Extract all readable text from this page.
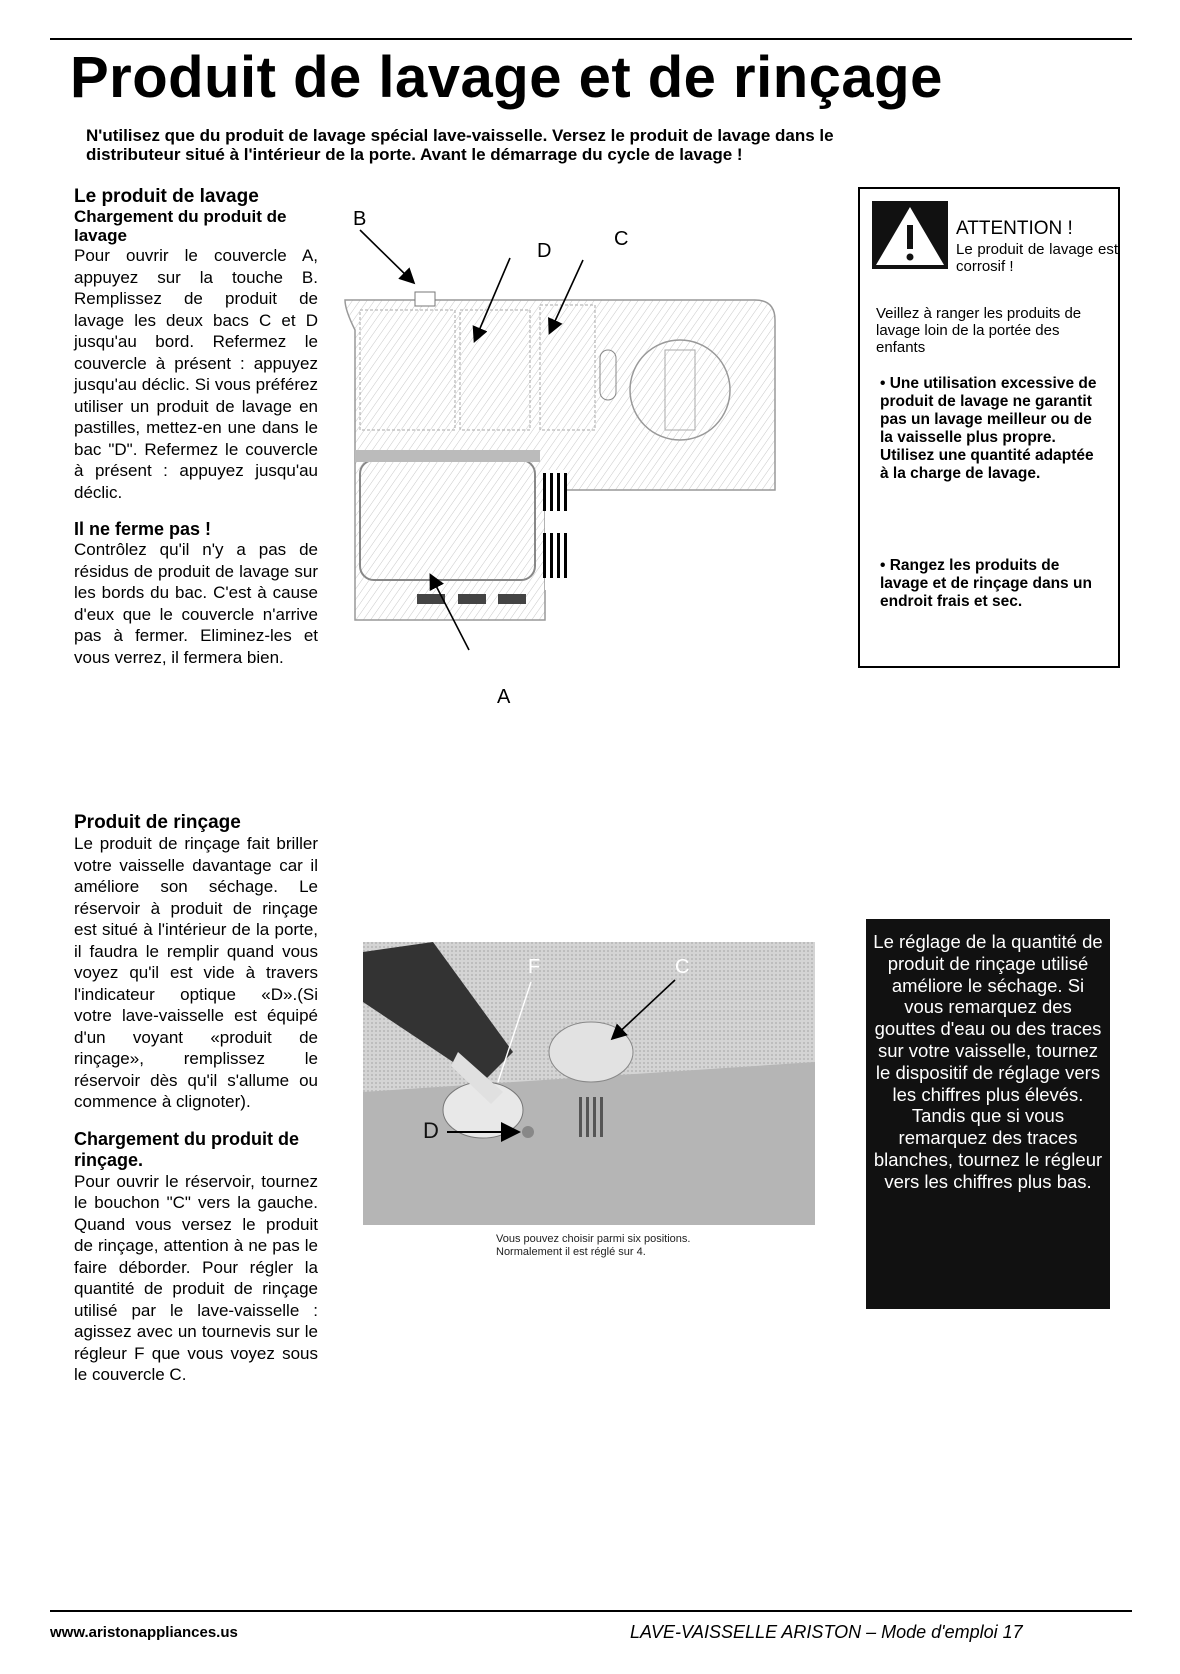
Produit de lavage et de rinçage
N'utilisez que du produit de lavage spécial lave-vaisselle. Versez le produit de lavage dans le distributeur situé à l'intérieur de la porte. Avant le démarrage du cycle de lavage !
Le produit de lavage
Chargement du produit de lavage

Pour ouvrir le couvercle A, appuyez sur la touche B. Remplissez de produit de lavage les deux bacs C et D jusqu'au bord. Refermez le couvercle à présent : appuyez jusqu'au déclic. Si vous préférez utiliser un produit de lavage en pastilles, mettez-en une dans le bac "D". Refermez le couvercle à présent : appuyez jusqu'au déclic.

Il ne ferme pas !

Contrôlez qu'il n'y a pas de résidus de produit de lavage sur les bords du bac. C'est à cause d'eux que le couvercle n'arrive pas à fermer. Eliminez-les et vous verrez, il fermera bien.

B
D
C
A
ATTENTION !
Le produit de lavage est corrosif !
Veillez à ranger les produits de lavage loin de la portée des enfants
• Une utilisation excessive de produit de lavage ne garantit pas un lavage meilleur ou de la vaisselle plus propre. Utilisez une quantité adaptée à la charge de lavage.
• Rangez les produits de lavage et de rinçage dans un endroit frais et sec.
Produit de rinçage

Le produit de rinçage fait briller votre vaisselle davantage car il améliore son séchage. Le réservoir à produit de rinçage est situé à l'intérieur de la porte, il faudra le remplir quand vous voyez qu'il est vide à travers l'indicateur optique «D».(Si votre lave-vaisselle est équipé d'un voyant «produit de rinçage», remplissez le réservoir dès qu'il s'allume ou commence à clignoter).

Chargement du produit de rinçage.

Pour ouvrir le réservoir, tournez le bouchon "C" vers la gauche. Quand vous versez le produit de rinçage, attention à ne pas le faire déborder. Pour régler la quantité de produit de rinçage utilisé par le lave-vaisselle : agissez avec un tournevis sur le régleur F que vous voyez sous le couvercle C.

F	C
D
Vous pouvez choisir parmi six positions. Normalement il est réglé sur 4.

Le réglage de la quantité de produit de rinçage utilisé améliore le séchage. Si vous remarquez des gouttes d'eau ou des traces sur votre vaisselle, tournez le dispositif de réglage vers les chiffres plus élevés.

Tandis que si vous remarquez des traces blanches, tournez le régleur vers les chiffres plus bas.

www.aristonappliances.us	LAVE-VAISSELLE ARISTON – Mode d'emploi 17
